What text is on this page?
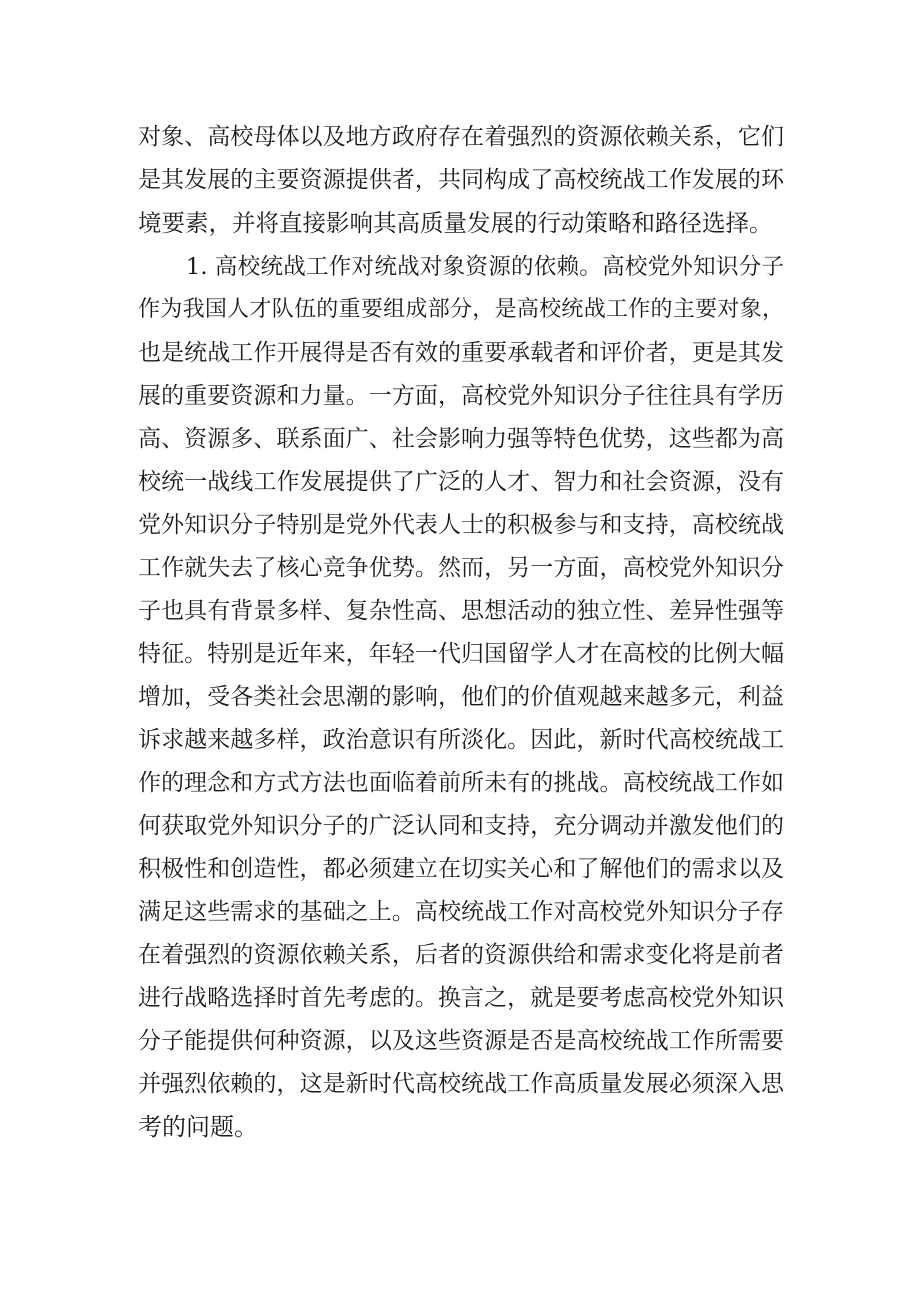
对象、高校母体以及地方政府存在着强烈的资源依赖关系，它们
是其发展的主要资源提供者，共同构成了高校统战工作发展的环
境要素，并将直接影响其高质量发展的行动策略和路径选择。
1. 高校统战工作对统战对象资源的依赖。高校党外知识分子
作为我国人才队伍的重要组成部分，是高校统战工作的主要对象，
也是统战工作开展得是否有效的重要承载者和评价者，更是其发
展的重要资源和力量。一方面，高校党外知识分子往往具有学历
高、资源多、联系面广、社会影响力强等特色优势，这些都为高
校统一战线工作发展提供了广泛的人才、智力和社会资源，没有
党外知识分子特别是党外代表人士的积极参与和支持，高校统战
工作就失去了核心竞争优势。然而，另一方面，高校党外知识分
子也具有背景多样、复杂性高、思想活动的独立性、差异性强等
特征。特别是近年来，年轻一代归国留学人才在高校的比例大幅
增加，受各类社会思潮的影响，他们的价值观越来越多元，利益
诉求越来越多样，政治意识有所淡化。因此，新时代高校统战工
作的理念和方式方法也面临着前所未有的挑战。高校统战工作如
何获取党外知识分子的广泛认同和支持，充分调动并激发他们的
积极性和创造性，都必须建立在切实关心和了解他们的需求以及
满足这些需求的基础之上。高校统战工作对高校党外知识分子存
在着强烈的资源依赖关系，后者的资源供给和需求变化将是前者
进行战略选择时首先考虑的。换言之，就是要考虑高校党外知识
分子能提供何种资源，以及这些资源是否是高校统战工作所需要
并强烈依赖的，这是新时代高校统战工作高质量发展必须深入思
考的问题。
